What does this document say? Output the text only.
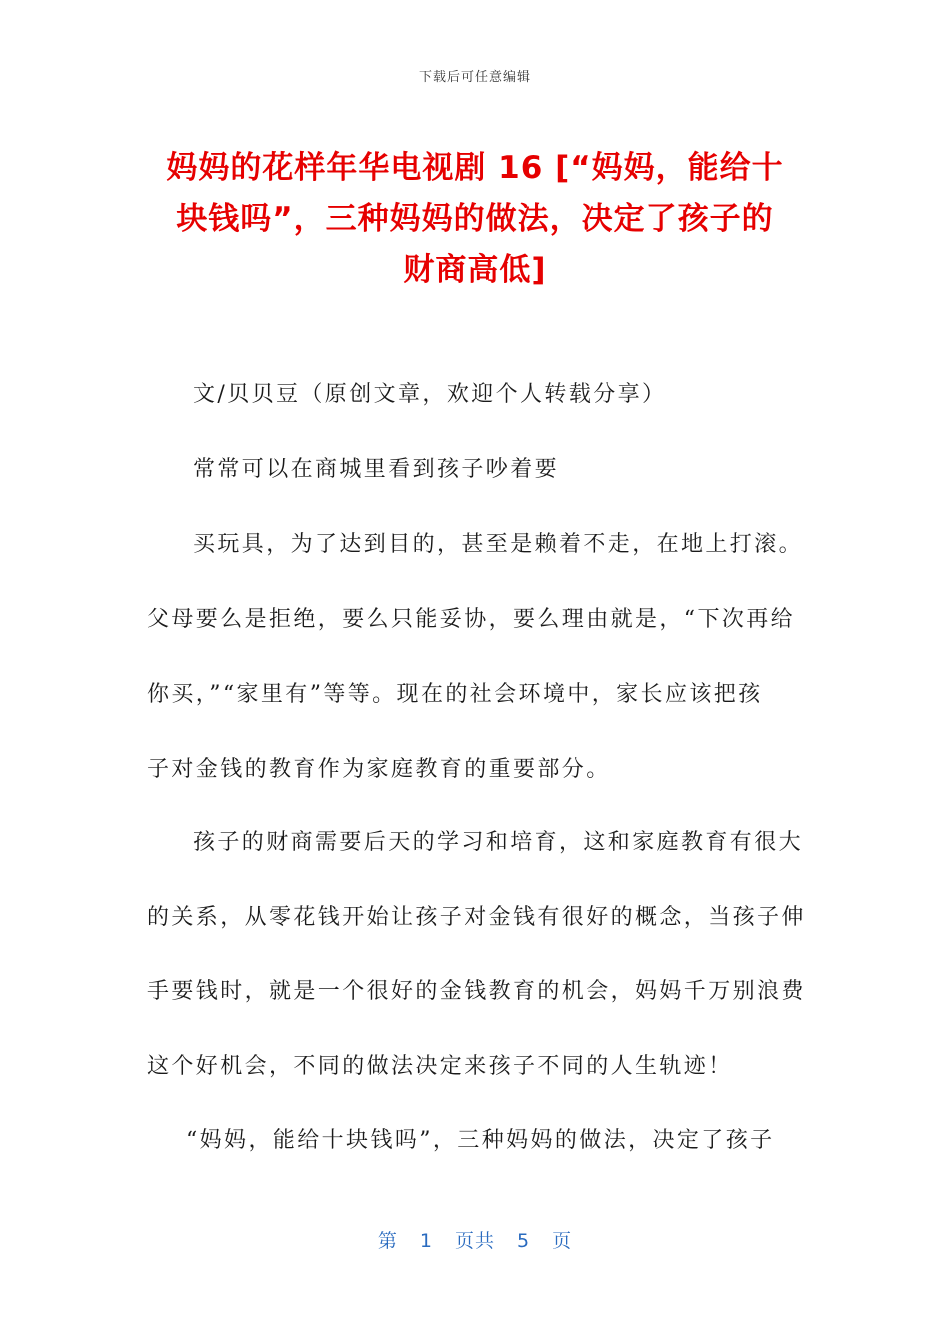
下载后可任意编辑
妈妈的花样年华电视剧 16 [“妈妈，能给十
块钱吗”，三种妈妈的做法，决定了孩子的
财商高低]
文/贝贝豆（原创文章，欢迎个人转载分享）
常常可以在商城里看到孩子吵着要
买玩具，为了达到目的，甚至是赖着不走，在地上打滚。
父母要么是拒绝，要么只能妥协，要么理由就是，“下次再给
你买，”“家里有”等等。现在的社会环境中，家长应该把孩
子对金钱的教育作为家庭教育的重要部分。
孩子的财商需要后天的学习和培育，这和家庭教育有很大
的关系，从零花钱开始让孩子对金钱有很好的概念，当孩子伸
手要钱时，就是一个很好的金钱教育的机会，妈妈千万别浪费
这个好机会，不同的做法决定来孩子不同的人生轨迹！
“妈妈，能给十块钱吗”，三种妈妈的做法，决定了孩子
第 1 页共 5 页
